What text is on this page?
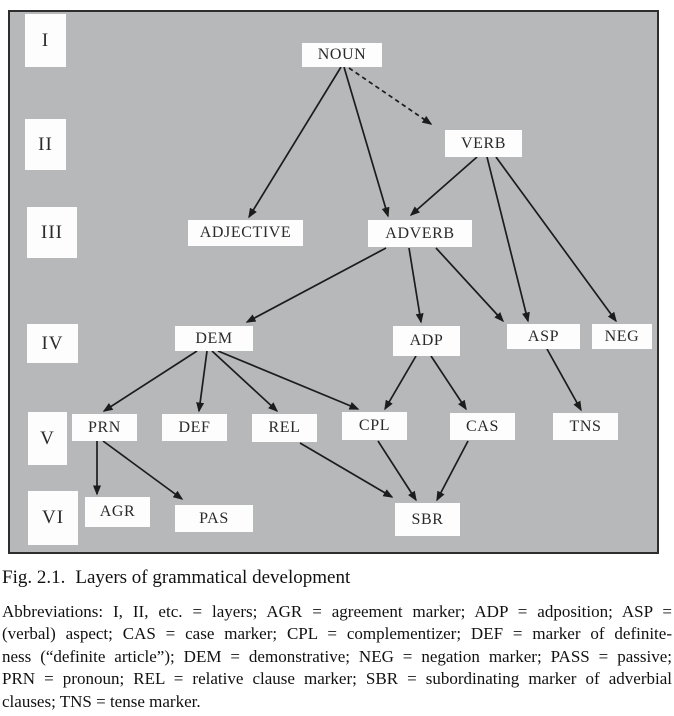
I
II
III
IV
V
VI
NOUN
VERB
ADJECTIVE	ADVERB
DEM	ADP	ASP	NEG
PRN	DEF	REL	CPL	CAS	TNS
AGR	PAS	SBR
Fig. 2.1. Layers of grammatical development
Abbreviations: I, II, etc. = layers; AGR = agreement marker; ADP = adposition; ASP =
(verbal) aspect; CAS = case marker; CPL = complementizer; DEF = marker of definite-
ness (“definite article”); DEM = demonstrative; NEG = negation marker; PASS = passive;
PRN = pronoun; REL = relative clause marker; SBR = subordinating marker of adverbial
clauses; TNS = tense marker.
